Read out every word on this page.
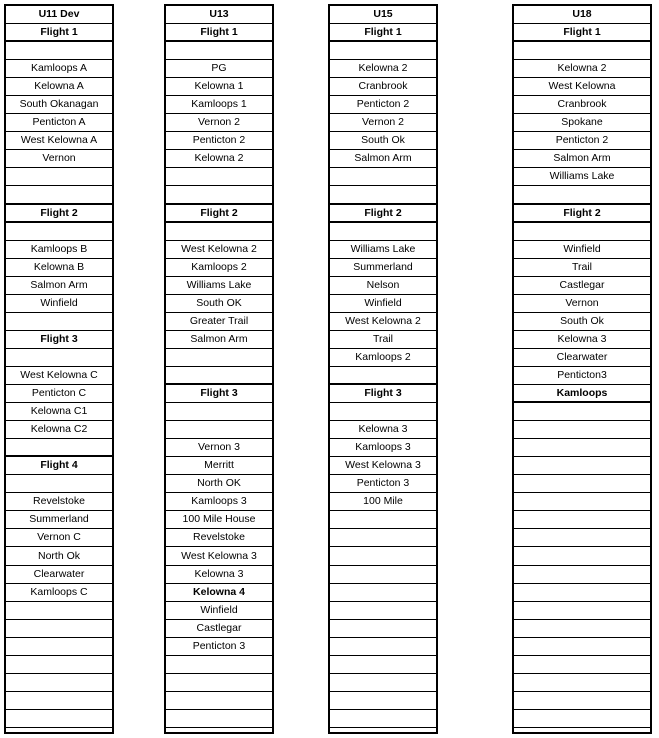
U11 Dev
Flight 1
Kamloops A
Kelowna A
South Okanagan
Penticton A
West Kelowna A
Vernon
Flight 2
Kamloops B
Kelowna B
Salmon Arm
Winfield
Flight 3
West Kelowna C
Penticton C
Kelowna C1
Kelowna C2
Flight 4
Revelstoke
Summerland
Vernon C
North Ok
Clearwater
Kamloops C
U13
Flight 1
PG
Kelowna 1
Kamloops 1
Vernon 2
Penticton 2
Kelowna 2
Flight 2
West Kelowna 2
Kamloops 2
Williams Lake
South OK
Greater Trail
Salmon Arm
Flight 3
Vernon 3
Merritt
North OK
Kamloops 3
100 Mile House
Revelstoke
West Kelowna 3
Kelowna 3
Kelowna 4
Winfield
Castlegar
Penticton 3
U15
Flight 1
Kelowna 2
Cranbrook
Penticton 2
Vernon 2
South Ok
Salmon Arm
Flight 2
Williams Lake
Summerland
Nelson
Winfield
West Kelowna 2
Trail
Kamloops 2
Flight 3
Kelowna 3
Kamloops 3
West Kelowna 3
Penticton 3
100 Mile
U18
Flight 1
Kelowna 2
West Kelowna
Cranbrook
Spokane
Penticton 2
Salmon Arm
Williams Lake
Flight 2
Winfield
Trail
Castlegar
Vernon
South Ok
Kelowna 3
Clearwater
Penticton3
Kamloops
